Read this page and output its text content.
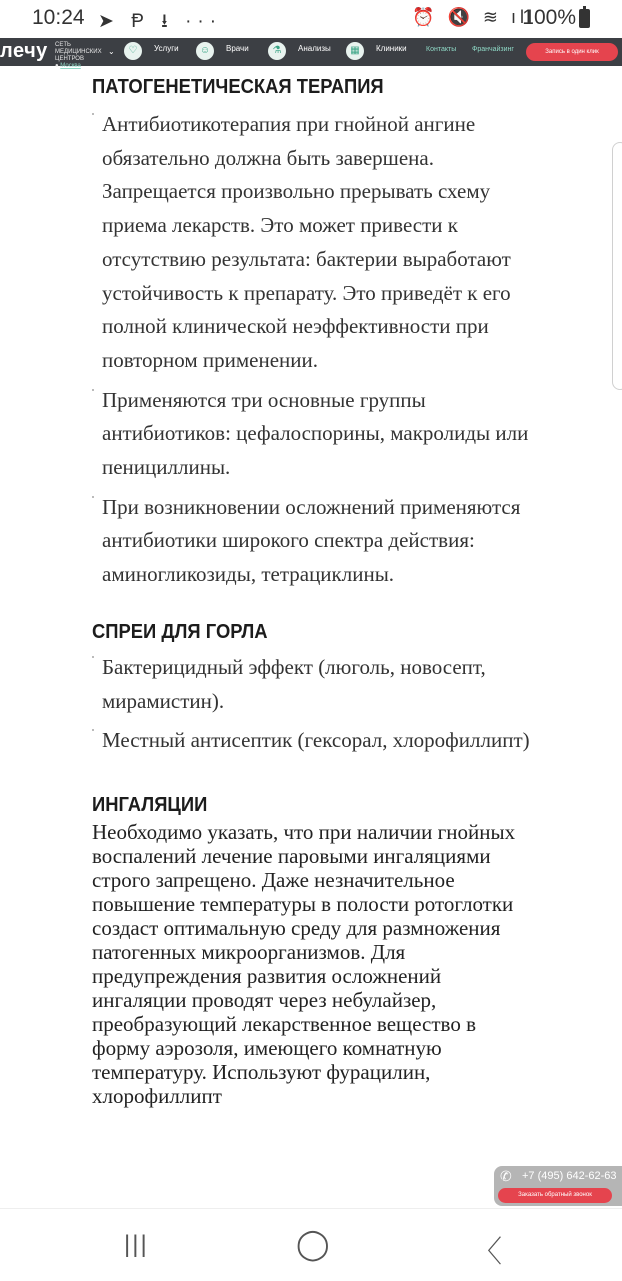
10:24 ➤ Ᵽ ⭳ ···	⏰ 🔇 ≋ ıll
100%
лечу СЕТЬ МЕДИЦИНСКИХ ЦЕНТРОВ
● Москва
⌄	♡	Услуги	☺	Врачи	⚗	Анализы	▦	Клиники	Контакты Франчайзинг	Запись в один клик
ПАТОГЕНЕТИЧЕСКАЯ ТЕРАПИЯ
Антибиотикотерапия при гнойной ангине обязательно должна быть завершена. Запрещается произвольно прерывать схему приема лекарств. Это может привести к отсутствию результата: бактерии выработают устойчивость к препарату. Это приведёт к его полной клинической неэффективности при повторном применении.
Применяются три основные группы антибиотиков: цефалоспорины, макролиды или пенициллины.
При возникновении осложнений применяются антибиотики широкого спектра действия: аминогликозиды, тетрациклины.
СПРЕИ ДЛЯ ГОРЛА
Бактерицидный эффект (люголь, новосепт, мирамистин).
Местный антисептик (гексорал, хлорофиллипт)
ИНГАЛЯЦИИ

Необходимо указать, что при наличии гнойных воспалений лечение паровыми ингаляциями строго запрещено. Даже незначительное повышение температуры в полости ротоглотки создаст оптимальную среду для размножения патогенных микроорганизмов. Для предупреждения развития осложнений ингаляции проводят через небулайзер, преобразующий лекарственное вещество в форму аэрозоля, имеющего комнатную температуру. Используют фурацилин, хлорофиллипт

✆ +7 (495) 642-62-63
Заказать обратный звонок
|||	◯	〈
